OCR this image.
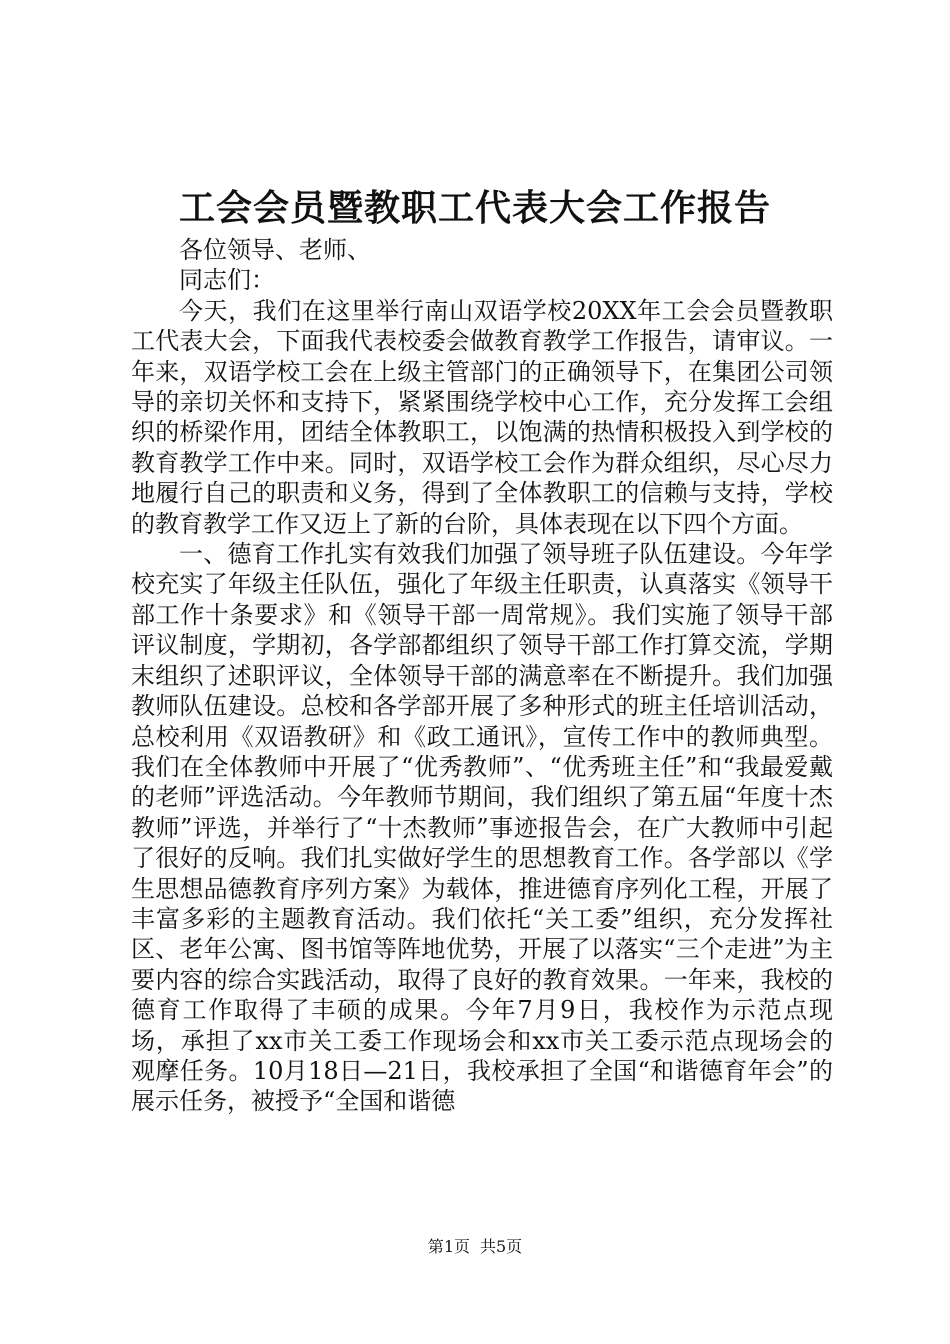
工会会员暨教职工代表大会工作报告

各位领导、老师、

同志们：

今天，我们在这里举行南山双语学校20XX年工会会员暨教职工代表大会，下面我代表校委会做教育教学工作报告，请审议。一年来，双语学校工会在上级主管部门的正确领导下，在集团公司领导的亲切关怀和支持下，紧紧围绕学校中心工作，充分发挥工会组织的桥梁作用，团结全体教职工，以饱满的热情积极投入到学校的教育教学工作中来。同时，双语学校工会作为群众组织，尽心尽力地履行自己的职责和义务，得到了全体教职工的信赖与支持，学校的教育教学工作又迈上了新的台阶，具体表现在以下四个方面。

一、德育工作扎实有效我们加强了领导班子队伍建设。今年学校充实了年级主任队伍，强化了年级主任职责，认真落实《领导干部工作十条要求》和《领导干部一周常规》。我们实施了领导干部评议制度，学期初，各学部都组织了领导干部工作打算交流，学期末组织了述职评议，全体领导干部的满意率在不断提升。我们加强教师队伍建设。总校和各学部开展了多种形式的班主任培训活动，总校利用《双语教研》和《政工通讯》，宣传工作中的教师典型。我们在全体教师中开展了“优秀教师”、“优秀班主任”和“我最爱戴的老师”评选活动。今年教师节期间，我们组织了第五届“年度十杰教师”评选，并举行了“十杰教师”事迹报告会，在广大教师中引起了很好的反响。我们扎实做好学生的思想教育工作。各学部以《学生思想品德教育序列方案》为载体，推进德育序列化工程，开展了丰富多彩的主题教育活动。我们依托“关工委”组织，充分发挥社区、老年公寓、图书馆等阵地优势，开展了以落实“三个走进”为主要内容的综合实践活动，取得了良好的教育效果。一年来，我校的德育工作取得了丰硕的成果。今年7月9日，我校作为示范点现场，承担了xx市关工委工作现场会和xx市关工委示范点现场会的观摩任务。10月18日—21日，我校承担了全国“和谐德育年会”的展示任务，被授予“全国和谐德

第1页 共5页
